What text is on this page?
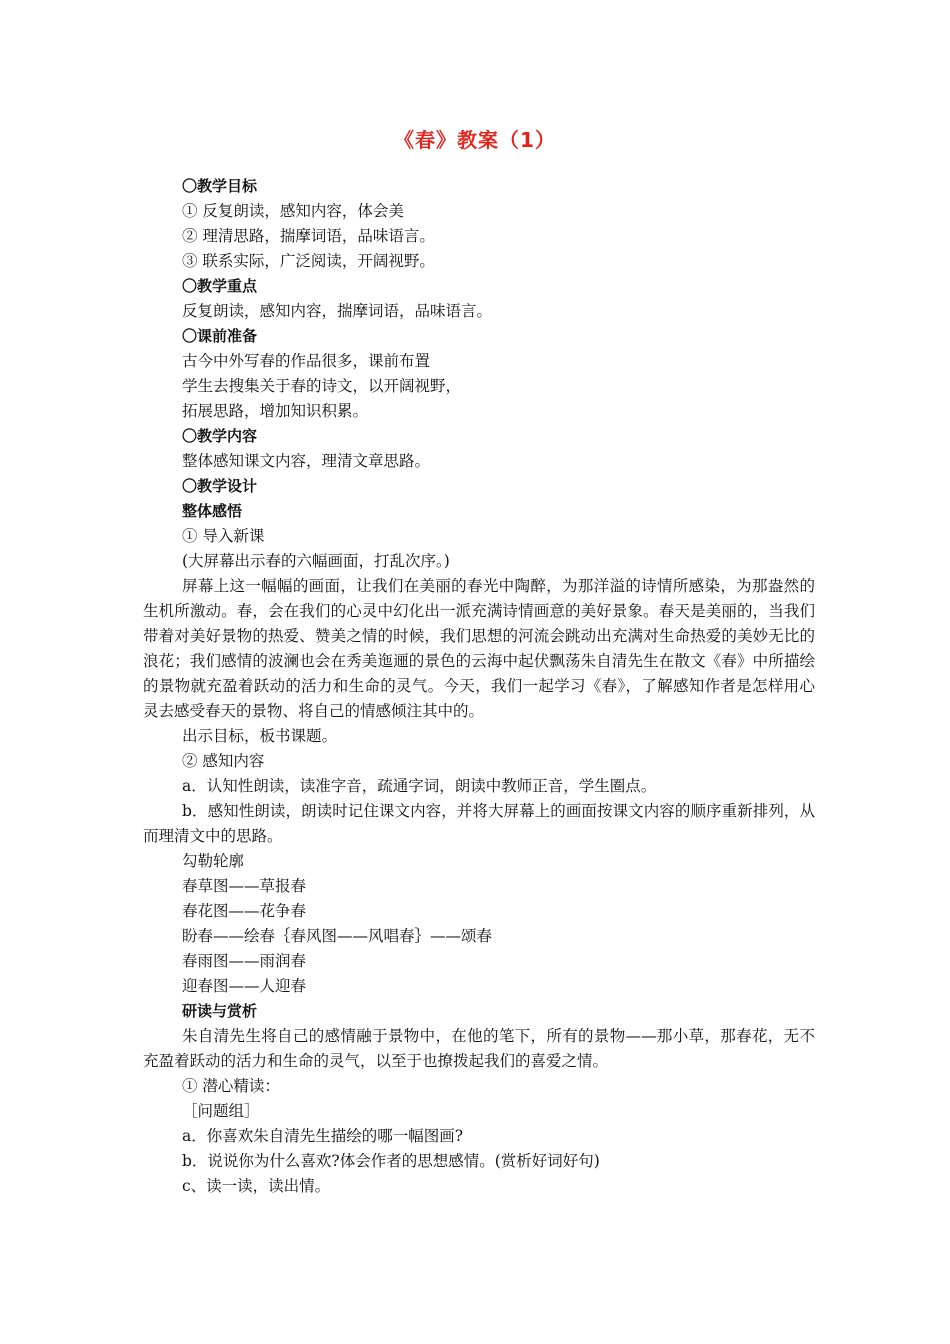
《春》教案（1）
〇教学目标
① 反复朗读，感知内容，体会美
② 理清思路，揣摩词语，品味语言。
③ 联系实际，广泛阅读，开阔视野。
〇教学重点
反复朗读，感知内容，揣摩词语，品味语言。
〇课前准备
古今中外写春的作品很多，课前布置
学生去搜集关于春的诗文，以开阔视野，
拓展思路，增加知识积累。
〇教学内容
整体感知课文内容，理清文章思路。
〇教学设计
整体感悟
① 导入新课
(大屏幕出示春的六幅画面，打乱次序。)
屏幕上这一幅幅的画面，让我们在美丽的春光中陶醉，为那洋溢的诗情所感染，为那盎然的生机所激动。春，会在我们的心灵中幻化出一派充满诗情画意的美好景象。春天是美丽的，当我们带着对美好景物的热爱、赞美之情的时候，我们思想的河流会跳动出充满对生命热爱的美妙无比的浪花；我们感情的波澜也会在秀美迤逦的景色的云海中起伏飘荡朱自清先生在散文《春》中所描绘的景物就充盈着跃动的活力和生命的灵气。今天，我们一起学习《春》，了解感知作者是怎样用心灵去感受春天的景物、将自己的情感倾注其中的。
出示目标，板书课题。
② 感知内容
a．认知性朗读，读准字音，疏通字词，朗读中教师正音，学生圈点。
b．感知性朗读，朗读时记住课文内容，并将大屏幕上的画面按课文内容的顺序重新排列，从而理清文中的思路。
勾勒轮廓
春草图——草报春
春花图——花争春
盼春——绘春｛春风图——风唱春｝——颂春
春雨图——雨润春
迎春图——人迎春
研读与赏析
朱自清先生将自己的感情融于景物中，在他的笔下，所有的景物——那小草，那春花，无不充盈着跃动的活力和生命的灵气，以至于也撩拨起我们的喜爱之情。
① 潜心精读：
［问题组］
a．你喜欢朱自清先生描绘的哪一幅图画?
b．说说你为什么喜欢?体会作者的思想感情。(赏析好词好句)
c、读一读，读出情。
